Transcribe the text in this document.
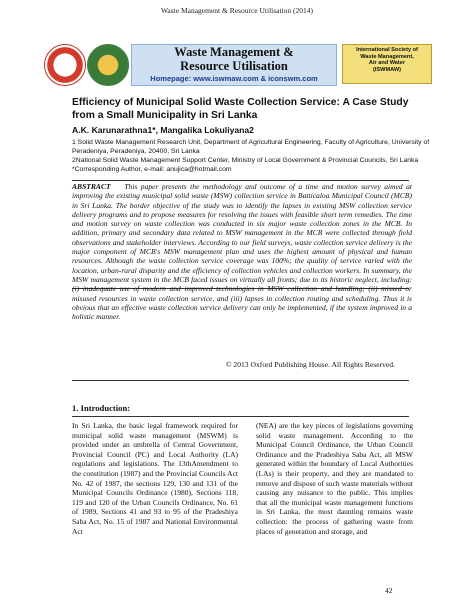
Waste Management & Resource Utilisation (2014)
Waste Management &
Resource Utilisation
Homepage: www.iswmaw.com & iconswm.com
International Society of
Waste Management,
Air and Water
(ISWMAW)
Efficiency of Municipal Solid Waste Collection Service: A Case Study from a Small Municipality in Sri Lanka
A.K. Karunarathna1*, Mangalika Lokuliyana2
1 Solid Waste Management Research Unit, Department of Agricultural Engineering, Faculty of Agriculture, University of Peradeniya, Peradeniya, 20400, Sri Lanka
2National Solid Waste Management Support Center, Ministry of Local Government & Provincial Councils, Sri Lanka
*Corresponding Author, e-mail: anujica@hotmail.com
ABSTRACT This paper presents the methodology and outcome of a time and motion survey aimed at improving the existing municipal solid waste (MSW) collection service in Batticaloa Municipal Council (MCB) in Sri Lanka. The border objective of the study was to identify the lapses in existing MSW collection service delivery programs and to propose measures for resolving the issues with feasible short term remedies. The time and motion survey on waste collection was conducted in six major waste collection zones in the MCB. In addition, primary and secondary data related to MSW management in the MCB were collected through field observations and stakeholder interviews. According to our field surveys, waste collection service delivery is the major component of MCB's MSW management plan and uses the highest amount of physical and human resources. Although the waste collection service coverage was 100%; the quality of service varied with the location, urban-rural disparity and the efficiency of collection vehicles and collection workers. In summary, the MSW management system in the MCB faced issues on virtually all fronts; due to its historic neglect, including: (i) inadequate use of modern and improved technologies in MSW collection and handling; (ii) missed or misused resources in waste collection service, and (iii) lapses in collection routing and scheduling. Thus it is obvious that an effective waste collection service delivery can only be implemented, if the system improved in a holistic manner.
© 2013 Oxford Publishing House. All Rights Reserved.
1. Introduction:
In Sri Lanka, the basic legal framework required for municipal solid waste management (MSWM) is provided under an umbrella of Central Government, Provincial Council (PC) and Local Authority (LA) regulations and legislations. The 13thAmendment to the constitution (1987) and the Provincial Councils Act No. 42 of 1987, the sections 129, 130 and 131 of the Municipal Councils Ordinance (1980), Sections 118, 119 and 120 of the Urban Councils Ordinance, No. 61 of 1989, Sections 41 and 93 to 95 of the Pradeshiya Saba Act, No. 15 of 1987 and National Environmental Act
(NEA) are the key pieces of legislations governing solid waste management. According to the Municipal Council Ordinance, the Urban Council Ordinance and the Pradeshiya Saba Act, all MSW generated within the boundary of Local Authorities (LAs) is their property, and they are mandated to remove and dispose of such waste materials without causing any nuisance to the public. This implies that all the municipal waste management functions in Sri Lanka, the most daunting remains waste collection: the process of gathering waste from places of generation and storage, and
42
